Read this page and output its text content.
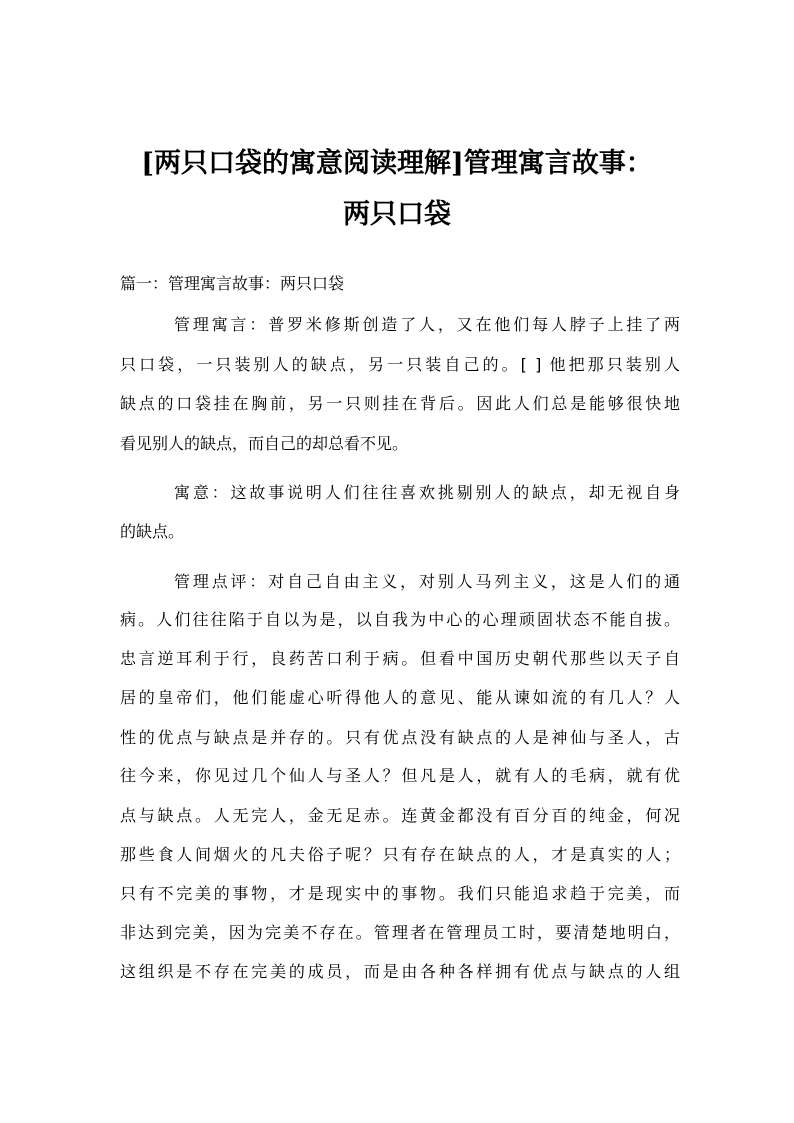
[两只口袋的寓意阅读理解]管理寓言故事：
两只口袋
篇一：管理寓言故事：两只口袋
管理寓言：普罗米修斯创造了人，又在他们每人脖子上挂了两
只口袋，一只装别人的缺点，另一只装自己的。[ ] 他把那只装别人
缺点的口袋挂在胸前，另一只则挂在背后。因此人们总是能够很快地
看见别人的缺点，而自己的却总看不见。
寓意：这故事说明人们往往喜欢挑剔别人的缺点，却无视自身
的缺点。
管理点评：对自己自由主义，对别人马列主义，这是人们的通
病。人们往往陷于自以为是，以自我为中心的心理顽固状态不能自拔。
忠言逆耳利于行，良药苦口利于病。但看中国历史朝代那些以天子自
居的皇帝们，他们能虚心听得他人的意见、能从谏如流的有几人？人
性的优点与缺点是并存的。只有优点没有缺点的人是神仙与圣人，古
往今来，你见过几个仙人与圣人？但凡是人，就有人的毛病，就有优
点与缺点。人无完人，金无足赤。连黄金都没有百分百的纯金，何况
那些食人间烟火的凡夫俗子呢？只有存在缺点的人，才是真实的人；
只有不完美的事物，才是现实中的事物。我们只能追求趋于完美，而
非达到完美，因为完美不存在。管理者在管理员工时，要清楚地明白，
这组织是不存在完美的成员，而是由各种各样拥有优点与缺点的人组
